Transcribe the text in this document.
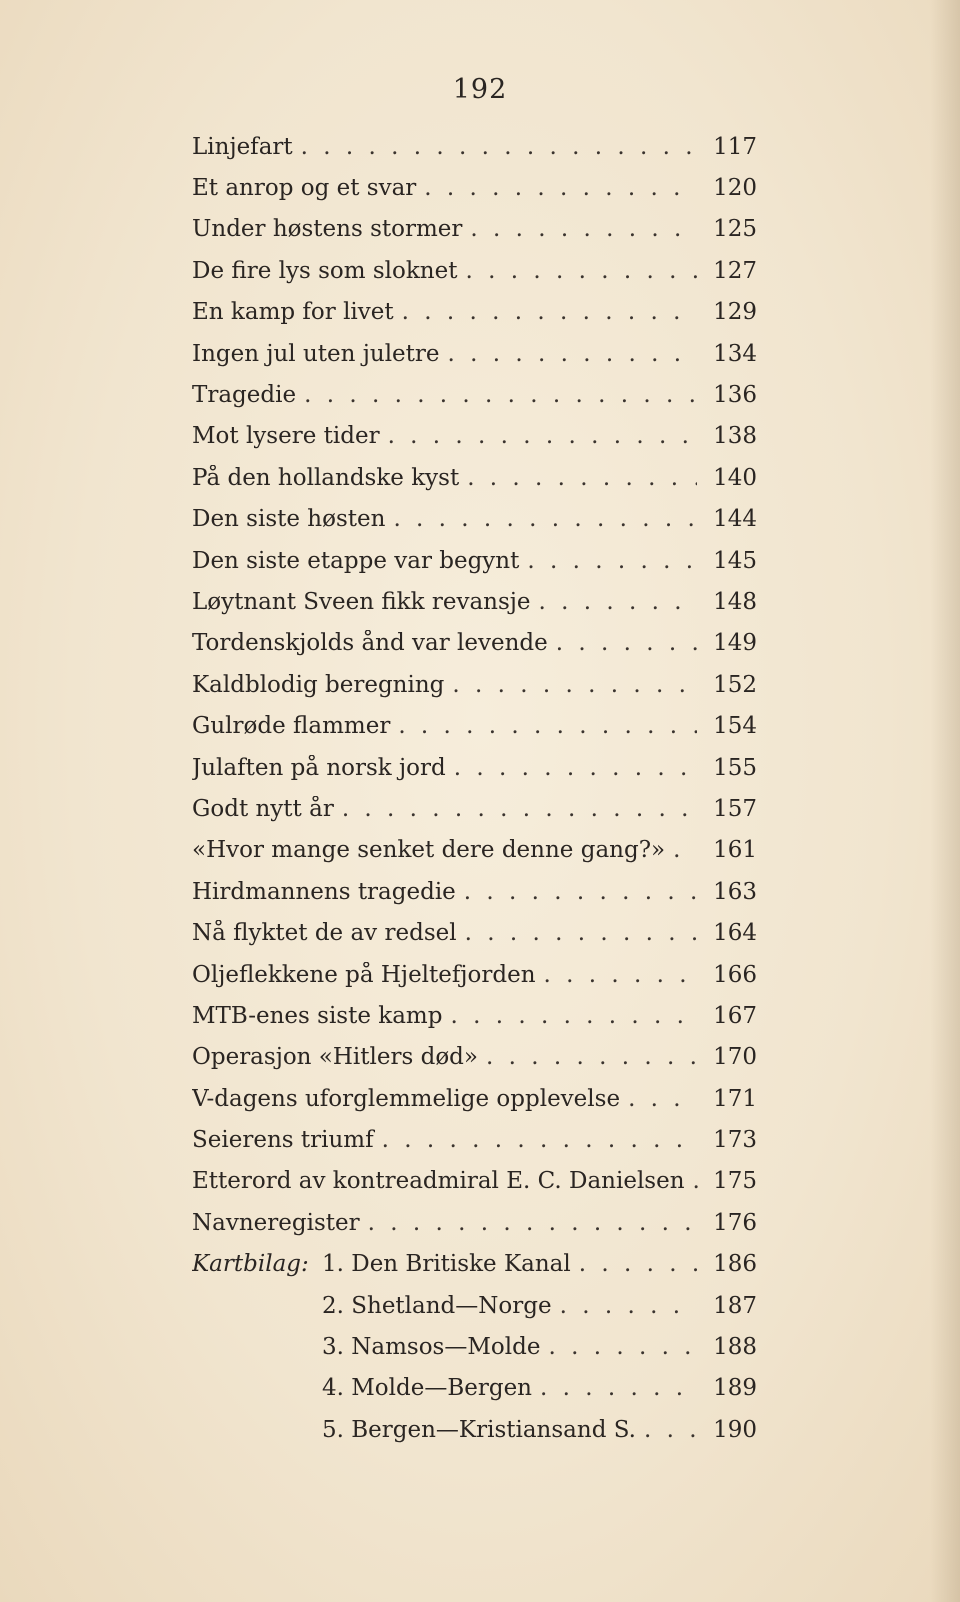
192
Linjefart . . .	117
Et anrop og et svar . . .	120
Under høstens stormer . . .	125
De fire lys som sloknet . . .	127
En kamp for livet . . .	129
Ingen jul uten juletre . . .	134
Tragedie . . .	136
Mot lysere tider . . .	138
På den hollandske kyst . . .	140
Den siste høsten . . .	144
Den siste etappe var begynt . . .	145
Løytnant Sveen fikk revansje . . .	148
Tordenskjolds ånd var levende . . .	149
Kaldblodig beregning . . .	152
Gulrøde flammer . . .	154
Julaften på norsk jord . . .	155
Godt nytt år . . .	157
«Hvor mange senket dere denne gang?» . . .	161
Hirdmannens tragedie . . .	163
Nå flyktet de av redsel . . .	164
Oljeflekkene på Hjeltefjorden . . .	166
MTB-enes siste kamp . . .	167
Operasjon «Hitlers død» . . .	170
V-dagens uforglemmelige opplevelse . . .	171
Seierens triumf . . .	173
Etterord av kontreadmiral E. C. Danielsen . . .	175
Navneregister . . .	176
Kartbilag: 1. Den Britiske Kanal . . .	186
2. Shetland—Norge . . .	187
3. Namsos—Molde . . .	188
4. Molde—Bergen . . .	189
5. Bergen—Kristiansand S. . . .	190
